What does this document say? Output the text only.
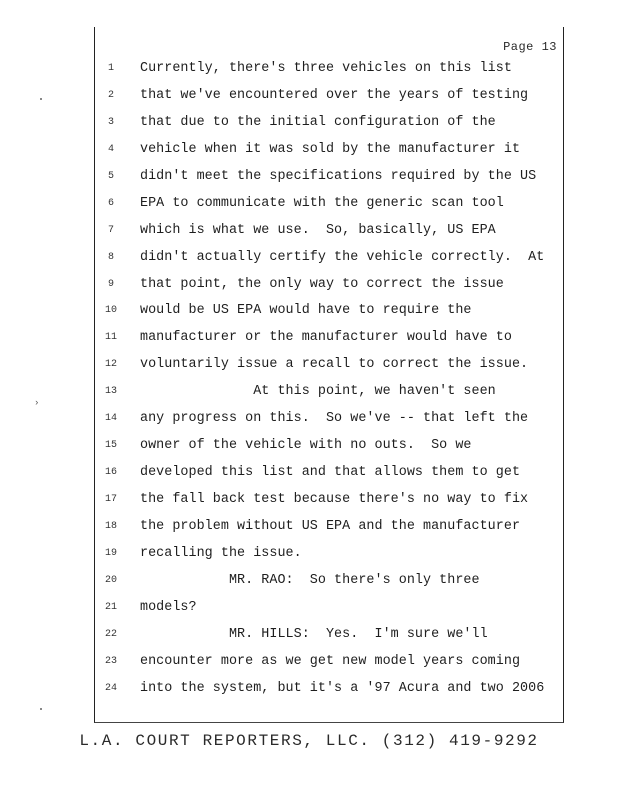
Page 13
1
2
3
4
5
6
7
8
9
10
11
12
13
14
15
16
17
18
19
20
21
22
23
24
Currently, there's three vehicles on this list
that we've encountered over the years of testing
that due to the initial configuration of the
vehicle when it was sold by the manufacturer it
didn't meet the specifications required by the US
EPA to communicate with the generic scan tool
which is what we use.  So, basically, US EPA
didn't actually certify the vehicle correctly.  At
that point, the only way to correct the issue
would be US EPA would have to require the
manufacturer or the manufacturer would have to
voluntarily issue a recall to correct the issue.
At this point, we haven't seen
any progress on this.  So we've -- that left the
owner of the vehicle with no outs.  So we
developed this list and that allows them to get
the fall back test because there's no way to fix
the problem without US EPA and the manufacturer
recalling the issue.
MR. RAO:  So there's only three
models?
MR. HILLS:  Yes.  I'm sure we'll
encounter more as we get new model years coming
into the system, but it's a '97 Acura and two 2006
L.A. COURT REPORTERS, LLC. (312) 419-9292
›
